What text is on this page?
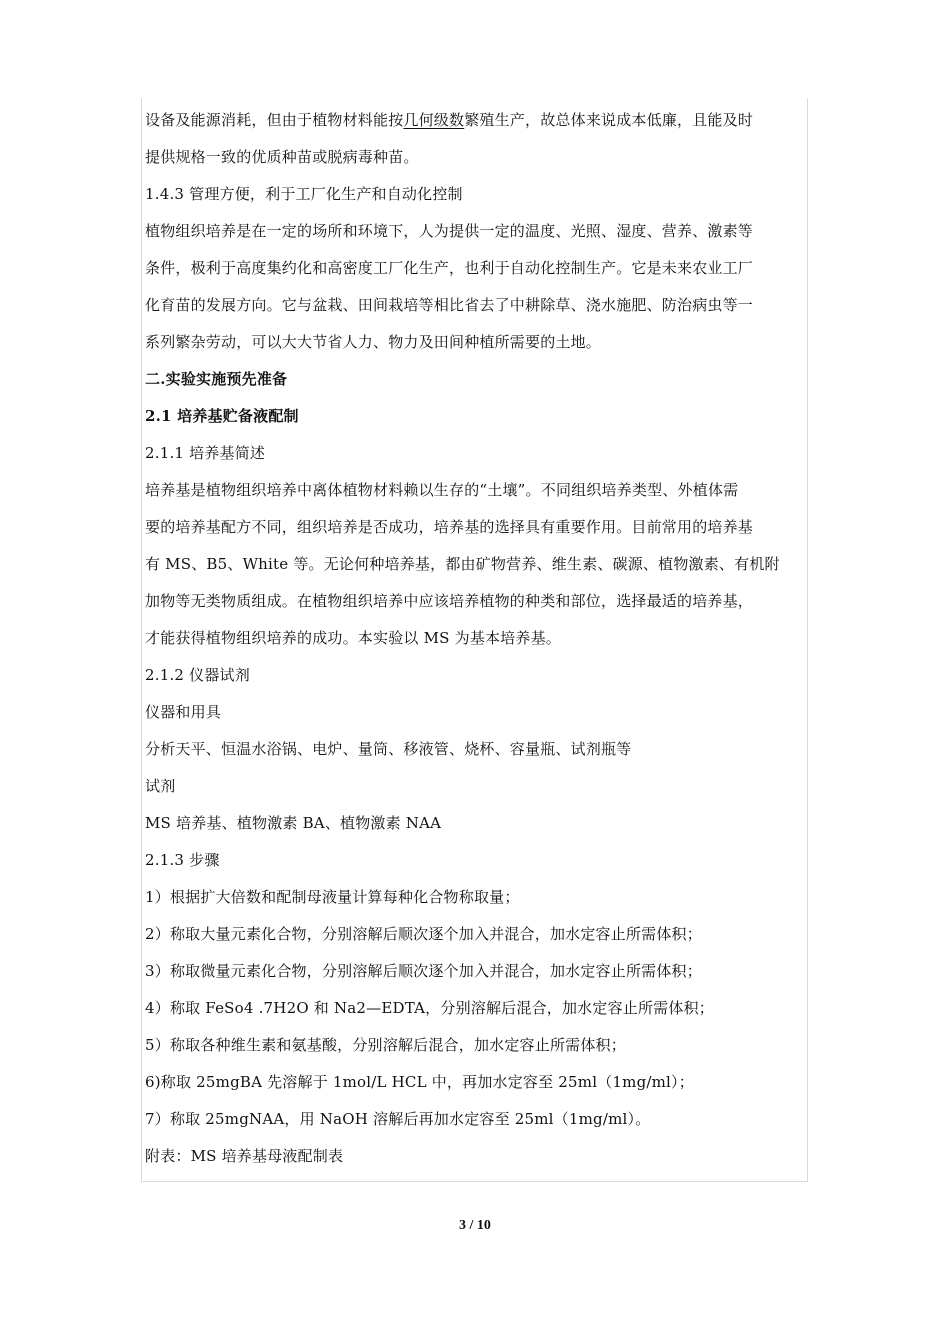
设备及能源消耗，但由于植物材料能按几何级数繁殖生产，故总体来说成本低廉，且能及时
提供规格一致的优质种苗或脱病毒种苗。
1.4.3 管理方便，利于工厂化生产和自动化控制
植物组织培养是在一定的场所和环境下，人为提供一定的温度、光照、湿度、营养、激素等
条件，极利于高度集约化和高密度工厂化生产，也利于自动化控制生产。它是未来农业工厂
化育苗的发展方向。它与盆栽、田间栽培等相比省去了中耕除草、浇水施肥、防治病虫等一
系列繁杂劳动，可以大大节省人力、物力及田间种植所需要的土地。
二.实验实施预先准备
2.1 培养基贮备液配制
2.1.1 培养基简述
培养基是植物组织培养中离体植物材料赖以生存的“土壤”。不同组织培养类型、外植体需
要的培养基配方不同，组织培养是否成功，培养基的选择具有重要作用。目前常用的培养基
有 MS、B5、White 等。无论何种培养基，都由矿物营养、维生素、碳源、植物激素、有机附
加物等无类物质组成。在植物组织培养中应该培养植物的种类和部位，选择最适的培养基，
才能获得植物组织培养的成功。本实验以 MS 为基本培养基。
2.1.2 仪器试剂
仪器和用具
分析天平、恒温水浴锅、电炉、量筒、移液管、烧杯、容量瓶、试剂瓶等
试剂
MS 培养基、植物激素 BA、植物激素 NAA
2.1.3 步骤
1）根据扩大倍数和配制母液量计算每种化合物称取量；
2）称取大量元素化合物，分别溶解后顺次逐个加入并混合，加水定容止所需体积；
3）称取微量元素化合物，分别溶解后顺次逐个加入并混合，加水定容止所需体积；
4）称取 FeSo4 .7H2O 和 Na2—EDTA，分别溶解后混合，加水定容止所需体积；
5）称取各种维生素和氨基酸，分别溶解后混合，加水定容止所需体积；
6)称取 25mgBA 先溶解于 1mol/L HCL 中，再加水定容至 25ml（1mg/ml）；
7）称取 25mgNAA，用 NaOH 溶解后再加水定容至 25ml（1mg/ml）。
附表：MS 培养基母液配制表
3 / 10
